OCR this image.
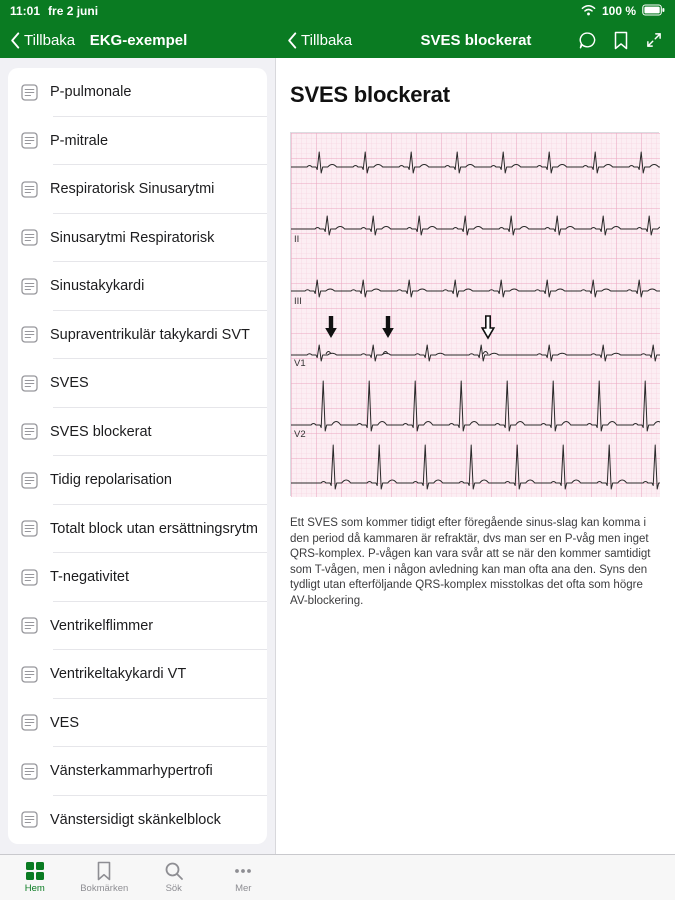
11:01 fre 2 juni	100 %
Tillbaka EKG-exempel	Tillbaka	SVES blockerat
P-pulmonale
P-mitrale
Respiratorisk Sinusarytmi
Sinusarytmi Respiratorisk
Sinustakykardi
Supraventrikulär takykardi SVT
SVES
SVES blockerat
Tidig repolarisation
Totalt block utan ersättningsrytm
T-negativitet
Ventrikelflimmer
Ventrikeltakykardi VT
VES
Vänsterkammarhypertrofi
Vänstersidigt skänkelblock
SVES blockerat
II
III
V1
V2

Ett SVES som kommer tidigt efter föregående sinus-slag kan komma i den period då kammaren är refraktär, dvs man ser en P-våg men inget QRS-komplex. P-vågen kan vara svår att se när den kommer samtidigt som T-vågen, men i någon avledning kan man ofta ana den. Syns den tydligt utan efterföljande QRS-komplex misstolkas det ofta som högre AV-blockering.

Hem	Bokmärken	Sök	Mer
